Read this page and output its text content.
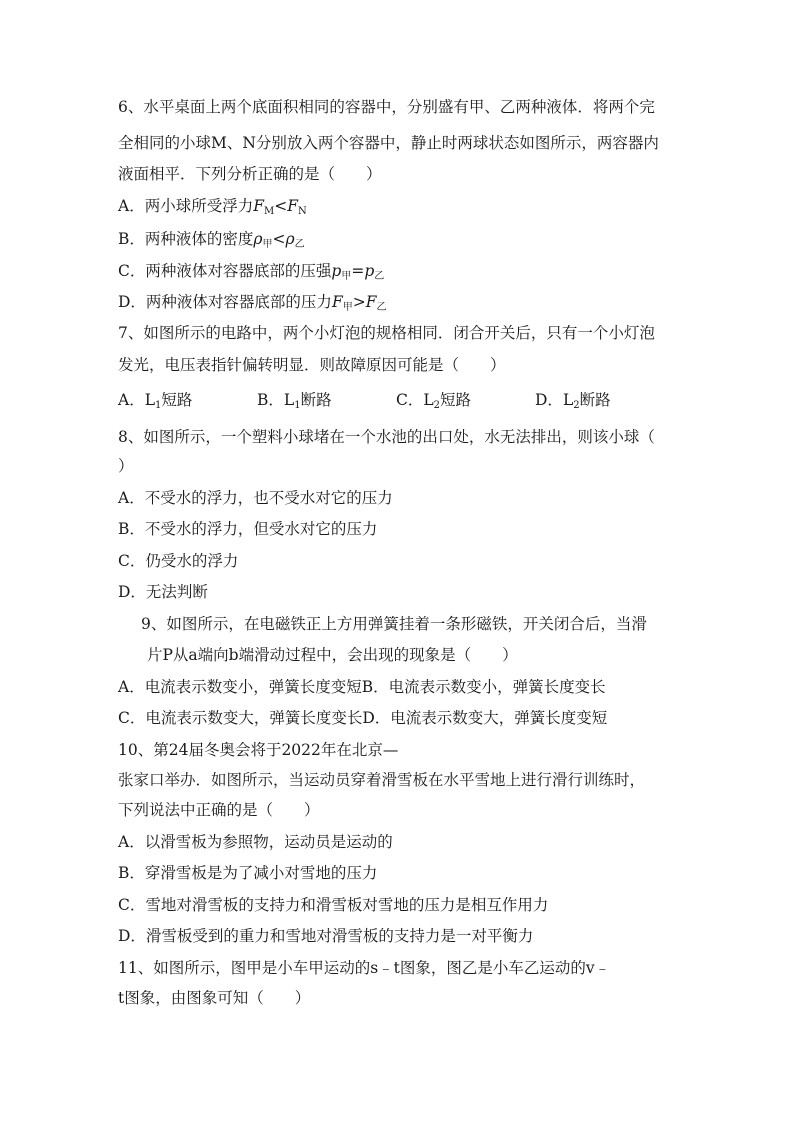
6、水平桌面上两个底面积相同的容器中，分别盛有甲、乙两种液体．将两个完
全相同的小球M、N分别放入两个容器中，静止时两球状态如图所示，两容器内
液面相平．下列分析正确的是（　　）
A．两小球所受浮力$F_M<F_N$
B．两种液体的密度$\rho_甲<\rho_乙$
C．两种液体对容器底部的压强$p_甲=p_乙$
D．两种液体对容器底部的压力$F_甲>F_乙$
7、如图所示的电路中，两个小灯泡的规格相同．闭合开关后，只有一个小灯泡
发光，电压表指针偏转明显．则故障原因可能是（　　）
A．$L_1$短路	B．$L_1$断路	C．$L_2$短路	D．$L_2$断路
8、如图所示，一个塑料小球堵在一个水池的出口处，水无法排出，则该小球（
）
A．不受水的浮力，也不受水对它的压力
B．不受水的浮力，但受水对它的压力
C．仍受水的浮力
D．无法判断
9、如图所示，在电磁铁正上方用弹簧挂着一条形磁铁，开关闭合后，当滑
片P从a端向b端滑动过程中，会出现的现象是（　　）
A．电流表示数变小，弹簧长度变短B．电流表示数变小，弹簧长度变长
C．电流表示数变大，弹簧长度变长D．电流表示数变大，弹簧长度变短
10、第24届冬奥会将于2022年在北京—
张家口举办．如图所示，当运动员穿着滑雪板在水平雪地上进行滑行训练时，
下列说法中正确的是（　　）
A．以滑雪板为参照物，运动员是运动的
B．穿滑雪板是为了减小对雪地的压力
C．雪地对滑雪板的支持力和滑雪板对雪地的压力是相互作用力
D．滑雪板受到的重力和雪地对滑雪板的支持力是一对平衡力
11、如图所示，图甲是小车甲运动的s﹣t图象，图乙是小车乙运动的v﹣
t图象，由图象可知（　　）
